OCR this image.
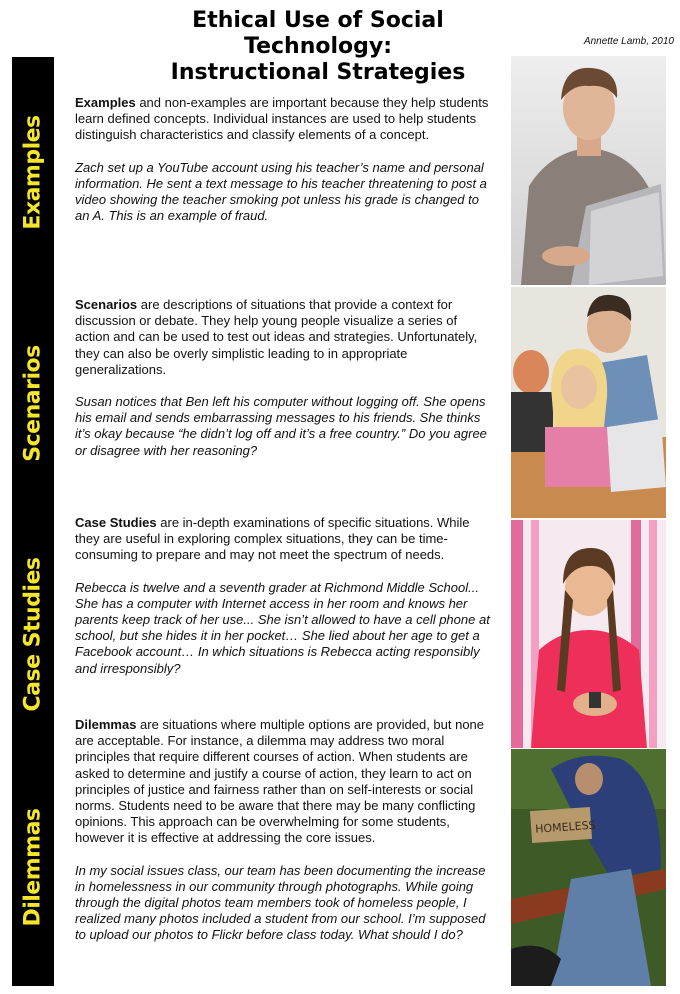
Ethical Use of Social Technology:
Instructional Strategies
Annette Lamb, 2010
Examples
Scenarios
Case Studies
Dilemmas

Examples and non-examples are important because they help students learn defined concepts. Individual instances are used to help students distinguish characteristics and classify elements of a concept.

Zach set up a YouTube account using his teacher’s name and personal information. He sent a text message to his teacher threatening to post a video showing the teacher smoking pot unless his grade is changed to an A. This is an example of fraud.

Scenarios are descriptions of situations that provide a context for discussion or debate. They help young people visualize a series of action and can be used to test out ideas and strategies. Unfortunately, they can also be overly simplistic leading to in appropriate generalizations.

Susan notices that Ben left his computer without logging off. She opens his email and sends embarrassing messages to his friends. She thinks it’s okay because “he didn’t log off and it’s a free country.” Do you agree or disagree with her reasoning?

Case Studies are in-depth examinations of specific situations. While they are useful in exploring complex situations, they can be time-consuming to prepare and may not meet the spectrum of needs.

Rebecca is twelve and a seventh grader at Richmond Middle School... She has a computer with Internet access in her room and knows her parents keep track of her use... She isn’t allowed to have a cell phone at school, but she hides it in her pocket… She lied about her age to get a Facebook account… In which situations is Rebecca acting responsibly and irresponsibly?

Dilemmas are situations where multiple options are provided, but none are acceptable. For instance, a dilemma may address two moral principles that require different courses of action. When students are asked to determine and justify a course of action, they learn to act on principles of justice and fairness rather than on self-interests or social norms. Students need to be aware that there may be many conflicting opinions. This approach can be overwhelming for some students, however it is effective at addressing the core issues.

In my social issues class, our team has been documenting the increase in homelessness in our community through photographs. While going through the digital photos team members took of homeless people, I realized many photos included a student from our school. I’m supposed to upload our photos to Flickr before class today. What should I do?

HOMELESS
